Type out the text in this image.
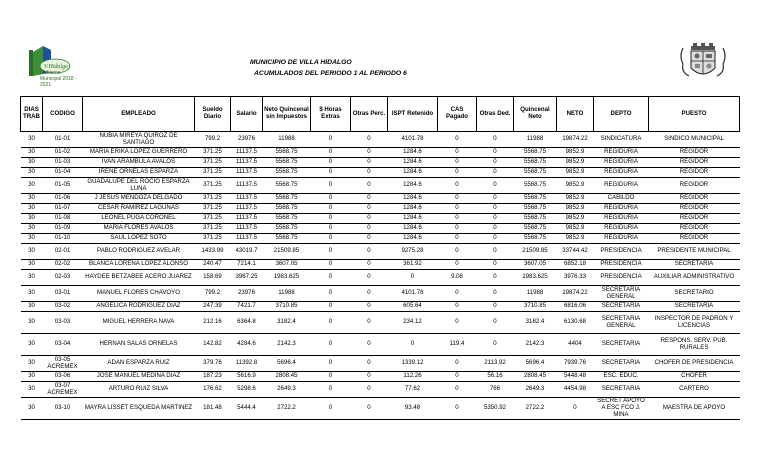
V.Hidalgo
Gobierno Municipal 2018 - 2021
MUNICIPIO DE VILLA HIDALGO
ACUMULADOS DEL PERIODO 1 AL PERIODO 6
DIAS TRAB	CODIGO	EMPLEADO	Sueldo Diario	Salario	Neto Quincenal sin Impuestos	$ Horas Extras	Otras Perc.	ISPT Retenido	CAS Pagado	Otras Ded.	Quincenal Neto	NETO	DEPTO	PUESTO
30	01-01	NUBIA MIREYA QUIROZ DE SANTIAGO	799.2	23976	11988	0	0	4101.78	0	0	11988	19874.22	SINDICATURA	SINDICO MUNICIPAL
30	01-02	MARIA ERIKA LOPEZ GUERRERO	371.25	11137.5	5568.75	0	0	1284.6	0	0	5568.75	9852.9	REGIDURIA	REGIDOR
30	01-03	IVAN ARAMBULA AVALOS	371.25	11137.5	5568.75	0	0	1284.6	0	0	5568.75	9852.9	REGIDURIA	REGIDOR
30	01-04	IRENE ORNELAS ESPARZA	371.25	11137.5	5568.75	0	0	1284.6	0	0	5568.75	9852.9	REGIDURIA	REGIDOR
30	01-05	GUADALUPE DEL ROCIO ESPARZA LUNA	371.25	11137.5	5568.75	0	0	1284.6	0	0	5568.75	9852.9	REGIDURIA	REGIDOR
30	01-06	J JESUS MENDOZA DELGADO	371.25	11137.5	5568.75	0	0	1284.6	0	0	5568.75	9852.9	CABILDO	REGIDOR
30	01-07	CESAR RAMIREZ LAGUNAS	371.25	11137.5	5568.75	0	0	1284.6	0	0	5568.75	9852.9	REGIDURIA	REGIDOR
30	01-08	LEONEL PUGA CORONEL	371.25	11137.5	5568.75	0	0	1284.6	0	0	5568.75	9852.9	REGIDURIA	REGIDOR
30	01-09	MARIA FLORES AVALOS	371.25	11137.5	5568.75	0	0	1284.6	0	0	5568.75	9852.9	REGIDURIA	REGIDOR
30	01-10	SAUL LOPEZ SOTO	371.25	11137.5	5568.75	0	0	1284.6	0	0	5568.75	9852.9	REGIDURIA	REGIDOR
30	02-01	PABLO RODRIGUEZ AVELAR	1433.99	43019.7	21509.85	0	0	9275.28	0	0	21509.85	33744.42	PRESIDENCIA	PRESIDENTE MUNICIPAL
30	02-02	BLANCA LORENA LOPEZ ALONSO	240.47	7214.1	3607.05	0	0	361.92	0	0	3607.05	6852.18	PRESIDENCIA	SECRETARIA
30	02-03	HAYDEE BETZABEE ACERO JUAREZ	158.69	3967.25	1983.625	0	0	0	9.08	0	1983.625	3976.33	PRESIDENCIA	AUXILIAR ADMINISTRATIVO
30	03-01	MANUEL FLORES CHAVOYO	799.2	23976	11988	0	0	4101.78	0	0	11988	19874.22	SECRETARIA GENERAL	SECRETARIO
30	03-02	ANGELICA RODRIGUEZ DIAZ	247.39	7421.7	3710.85	0	0	605.64	0	0	3710.85	6816.06	SECRETARIA	SECRETARIA
30	03-03	MIGUEL HERRERA NAVA	212.16	6364.8	3182.4	0	0	234.12	0	0	3182.4	6130.68	SECRETARIA GENERAL	INSPECTOR DE PADRON Y LICENCIAS
30	03-04	HERNAN SALAS ORNELAS	142.82	4284.6	2142.3	0	0	0	119.4	0	2142.3	4404	SECRETARIA	RESPONS. SERV. PUB. RURALES
30	03-05 ACREMEX	ADAN ESPARZA RUIZ	379.76	11392.8	5696.4	0	0	1339.12	0	2113.92	5696.4	7939.76	SECRETARIA	CHOFER DE PRESIDENCIA
30	03-06	JOSE MANUEL MEDINA DIAZ	187.23	5616.9	2808.45	0	0	112.26	0	56.16	2808.45	5448.48	ESC. EDUC.	CHOFER
30	03-07 ACREMEX	ARTURO RUIZ SILVA	176.62	5298.6	2649.3	0	0	77.62	0	766	2649.3	4454.98	SECRETARIA	CARTERO
30	03-10	MAYRA LISSET ESQUEDA MARTINEZ	181.48	5444.4	2722.2	0	0	93.48	0	5350.92	2722.2	0	SECRET APOYO A ESC FCO J. MINA	MAESTRA DE APOYO
